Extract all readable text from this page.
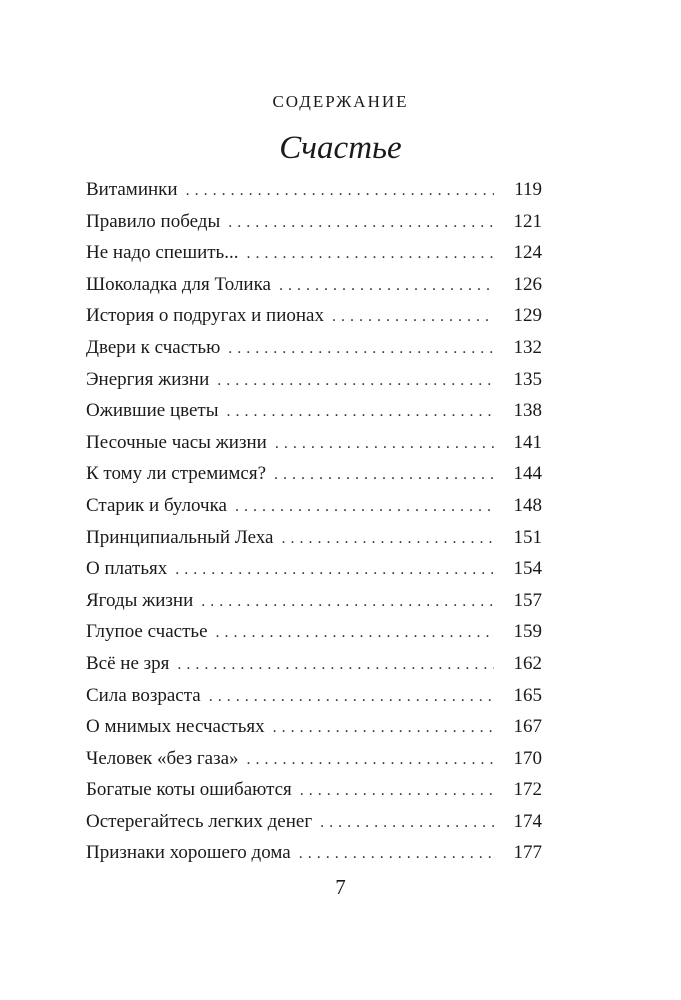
СОДЕРЖАНИЕ
Счастье
Витаминки . . .	119
Правило победы . . .	121
Не надо спешить... . . .	124
Шоколадка для Толика . . .	126
История о подругах и пионах . . .	129
Двери к счастью . . .	132
Энергия жизни . . .	135
Ожившие цветы . . .	138
Песочные часы жизни . . .	141
К тому ли стремимся? . . .	144
Старик и булочка . . .	148
Принципиальный Леха . . .	151
О платьях . . .	154
Ягоды жизни . . .	157
Глупое счастье . . .	159
Всё не зря . . .	162
Сила возраста . . .	165
О мнимых несчастьях . . .	167
Человек «без газа» . . .	170
Богатые коты ошибаются . . .	172
Остерегайтесь легких денег . . .	174
Признаки хорошего дома . . .	177
7
